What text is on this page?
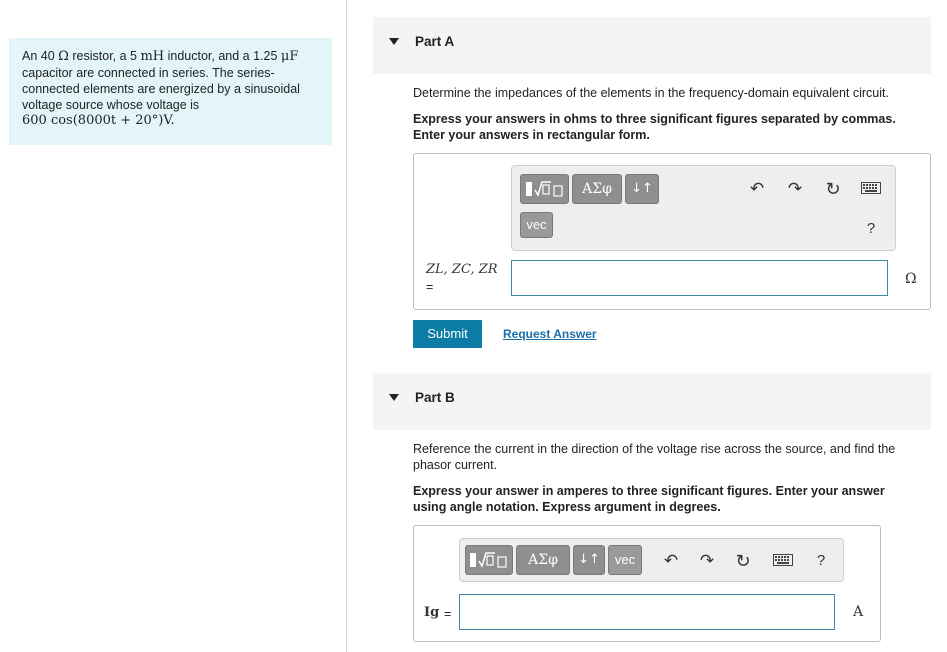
An 40 Ω resistor, a 5 mH inductor, and a 1.25 μF
capacitor are connected in series. The series-
connected elements are energized by a sinusoidal
voltage source whose voltage is
600 cos(8000t + 20°)V.
Part A
Determine the impedances of the elements in the frequency-domain equivalent circuit.
Express your answers in ohms to three significant figures separated by commas.
Enter your answers in rectangular form.
ΑΣφ	↓↑	↶ ↷ ↻
vec	?
ZL, ZC, ZR
=	Ω
Submit	Request Answer
Part B
Reference the current in the direction of the voltage rise across the source, and find the
phasor current.
Express your answer in amperes to three significant figures. Enter your answer
using angle notation. Express argument in degrees.
ΑΣφ	↓↑	vec	↶ ↷ ↻	?
Ig =	A
